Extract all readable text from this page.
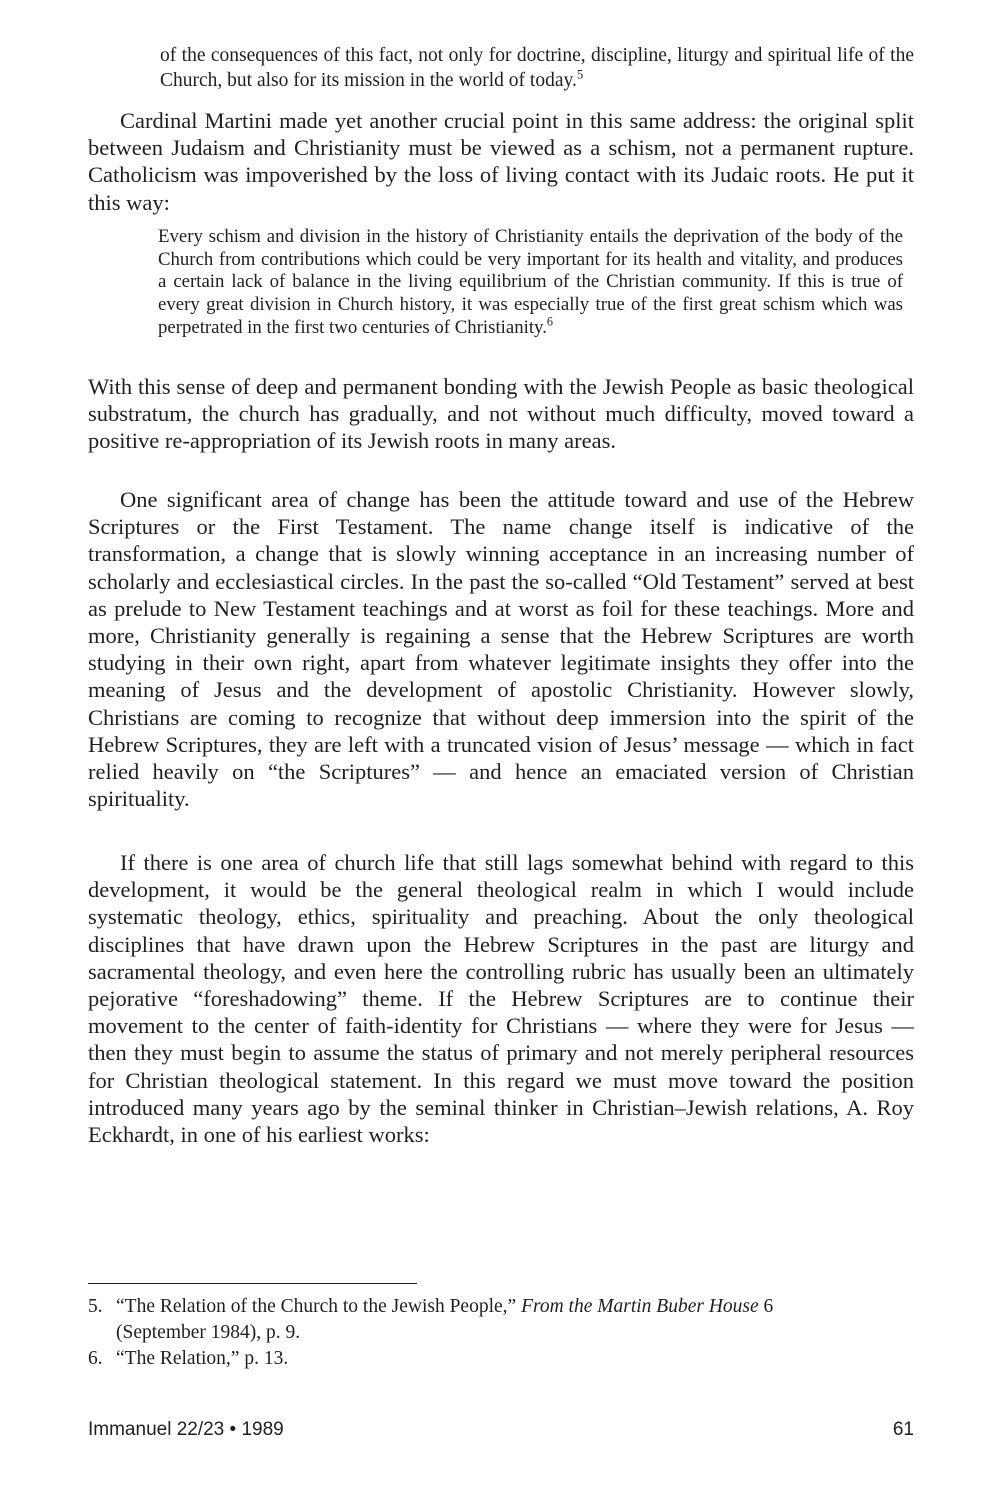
of the consequences of this fact, not only for doctrine, discipline, liturgy and spiritual life of the Church, but also for its mission in the world of today.$^5$

Cardinal Martini made yet another crucial point in this same address: the original split between Judaism and Christianity must be viewed as a schism, not a permanent rupture. Catholicism was impoverished by the loss of living contact with its Judaic roots. He put it this way:

Every schism and division in the history of Christianity entails the deprivation of the body of the Church from contributions which could be very important for its health and vitality, and produces a certain lack of balance in the living equilibrium of the Christian community. If this is true of every great division in Church history, it was especially true of the first great schism which was perpetrated in the first two centuries of Christianity.$^6$

With this sense of deep and permanent bonding with the Jewish People as basic theological substratum, the church has gradually, and not without much difficulty, moved toward a positive re-appropriation of its Jewish roots in many areas.

One significant area of change has been the attitude toward and use of the Hebrew Scriptures or the First Testament. The name change itself is indicative of the transformation, a change that is slowly winning acceptance in an increasing number of scholarly and ecclesiastical circles. In the past the so-called “Old Testament” served at best as prelude to New Testament teachings and at worst as foil for these teachings. More and more, Christianity generally is regaining a sense that the Hebrew Scriptures are worth studying in their own right, apart from whatever legitimate insights they offer into the meaning of Jesus and the development of apostolic Christianity. However slowly, Christians are coming to recognize that without deep immersion into the spirit of the Hebrew Scriptures, they are left with a truncated vision of Jesus’ message — which in fact relied heavily on “the Scriptures” — and hence an emaciated version of Christian spirituality.

If there is one area of church life that still lags somewhat behind with regard to this development, it would be the general theological realm in which I would include systematic theology, ethics, spirituality and preaching. About the only theological disciplines that have drawn upon the Hebrew Scriptures in the past are liturgy and sacramental theology, and even here the controlling rubric has usually been an ultimately pejorative “foreshadowing” theme. If the Hebrew Scriptures are to continue their movement to the center of faith-identity for Christians — where they were for Jesus — then they must begin to assume the status of primary and not merely peripheral resources for Christian theological statement. In this regard we must move toward the position introduced many years ago by the seminal thinker in Christian–Jewish relations, A. Roy Eckhardt, in one of his earliest works:

5. “The Relation of the Church to the Jewish People,” From the Martin Buber House 6
(September 1984), p. 9.
6. “The Relation,” p. 13.
Immanuel 22/23 • 1989	61
